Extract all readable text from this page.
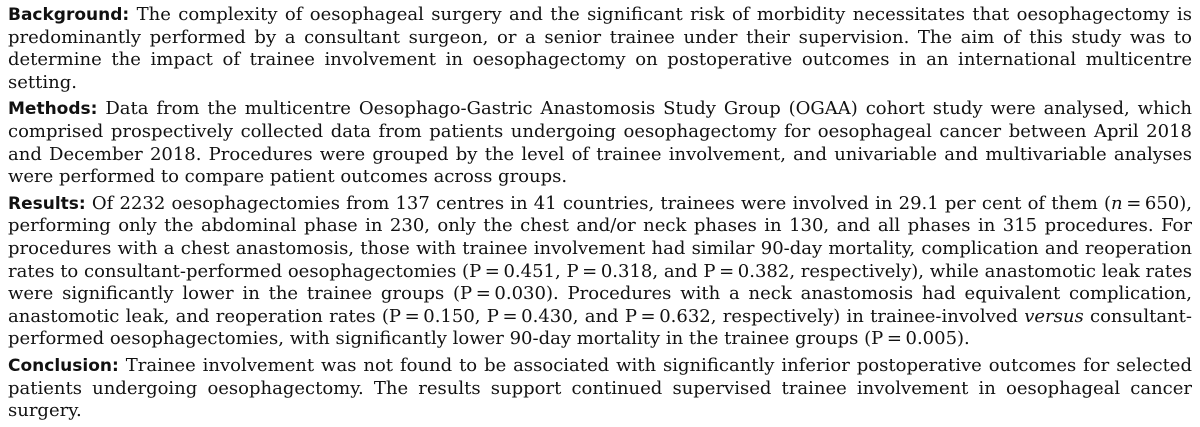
Background: The complexity of oesophageal surgery and the significant risk of morbidity necessitates that oesophagectomy is predominantly performed by a consultant surgeon, or a senior trainee under their supervision. The aim of this study was to determine the impact of trainee involvement in oesophagectomy on postoperative outcomes in an international multicentre setting.

Methods: Data from the multicentre Oesophago-Gastric Anastomosis Study Group (OGAA) cohort study were analysed, which comprised prospectively collected data from patients undergoing oesophagectomy for oesophageal cancer between April 2018 and December 2018. Procedures were grouped by the level of trainee involvement, and univariable and multivariable analyses were performed to compare patient outcomes across groups.

Results: Of 2232 oesophagectomies from 137 centres in 41 countries, trainees were involved in 29.1 per cent of them (n = 650), performing only the abdominal phase in 230, only the chest and/or neck phases in 130, and all phases in 315 procedures. For procedures with a chest anastomosis, those with trainee involvement had similar 90-day mortality, complication and reoperation rates to consultant-performed oesophagectomies (P = 0.451, P = 0.318, and P = 0.382, respectively), while anastomotic leak rates were significantly lower in the trainee groups (P = 0.030). Procedures with a neck anastomosis had equivalent complication, anastomotic leak, and reoperation rates (P = 0.150, P = 0.430, and P = 0.632, respectively) in trainee-involved versus consultant-performed oesophagectomies, with significantly lower 90-day mortality in the trainee groups (P = 0.005).

Conclusion: Trainee involvement was not found to be associated with significantly inferior postoperative outcomes for selected patients undergoing oesophagectomy. The results support continued supervised trainee involvement in oesophageal cancer surgery.
